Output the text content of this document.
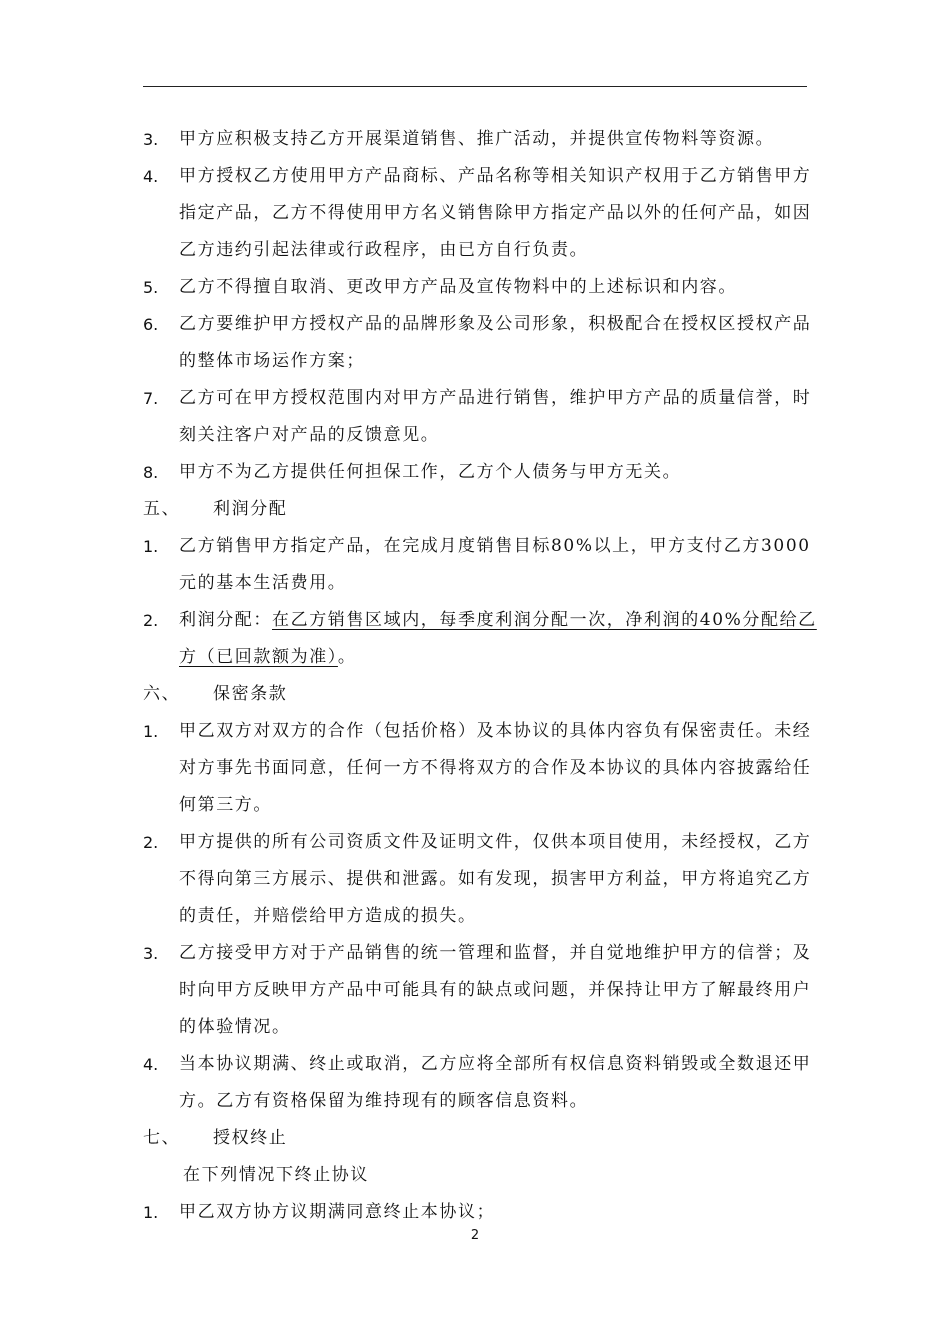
3.	甲方应积极支持乙方开展渠道销售、推广活动，并提供宣传物料等资源。
4.	甲方授权乙方使用甲方产品商标、产品名称等相关知识产权用于乙方销售甲方指定产品，乙方不得使用甲方名义销售除甲方指定产品以外的任何产品，如因乙方违约引起法律或行政程序，由已方自行负责。
5.	乙方不得擅自取消、更改甲方产品及宣传物料中的上述标识和内容。
6.	乙方要维护甲方授权产品的品牌形象及公司形象，积极配合在授权区授权产品的整体市场运作方案；
7.	乙方可在甲方授权范围内对甲方产品进行销售，维护甲方产品的质量信誉，时刻关注客户对产品的反馈意见。
8.	甲方不为乙方提供任何担保工作，乙方个人债务与甲方无关。
五、 利润分配
1.	乙方销售甲方指定产品，在完成月度销售目标80%以上，甲方支付乙方3000元的基本生活费用。
2.	利润分配：在乙方销售区域内，每季度利润分配一次，净利润的40%分配给乙方（已回款额为准）。
六、 保密条款
1.	甲乙双方对双方的合作（包括价格）及本协议的具体内容负有保密责任。未经对方事先书面同意，任何一方不得将双方的合作及本协议的具体内容披露给任何第三方。
2.	甲方提供的所有公司资质文件及证明文件，仅供本项目使用，未经授权，乙方不得向第三方展示、提供和泄露。如有发现，损害甲方利益，甲方将追究乙方的责任，并赔偿给甲方造成的损失。
3.	乙方接受甲方对于产品销售的统一管理和监督，并自觉地维护甲方的信誉；及时向甲方反映甲方产品中可能具有的缺点或问题，并保持让甲方了解最终用户的体验情况。
4.	当本协议期满、终止或取消，乙方应将全部所有权信息资料销毁或全数退还甲方。乙方有资格保留为维持现有的顾客信息资料。
七、 授权终止
在下列情况下终止协议
1.	甲乙双方协方议期满同意终止本协议；
2
